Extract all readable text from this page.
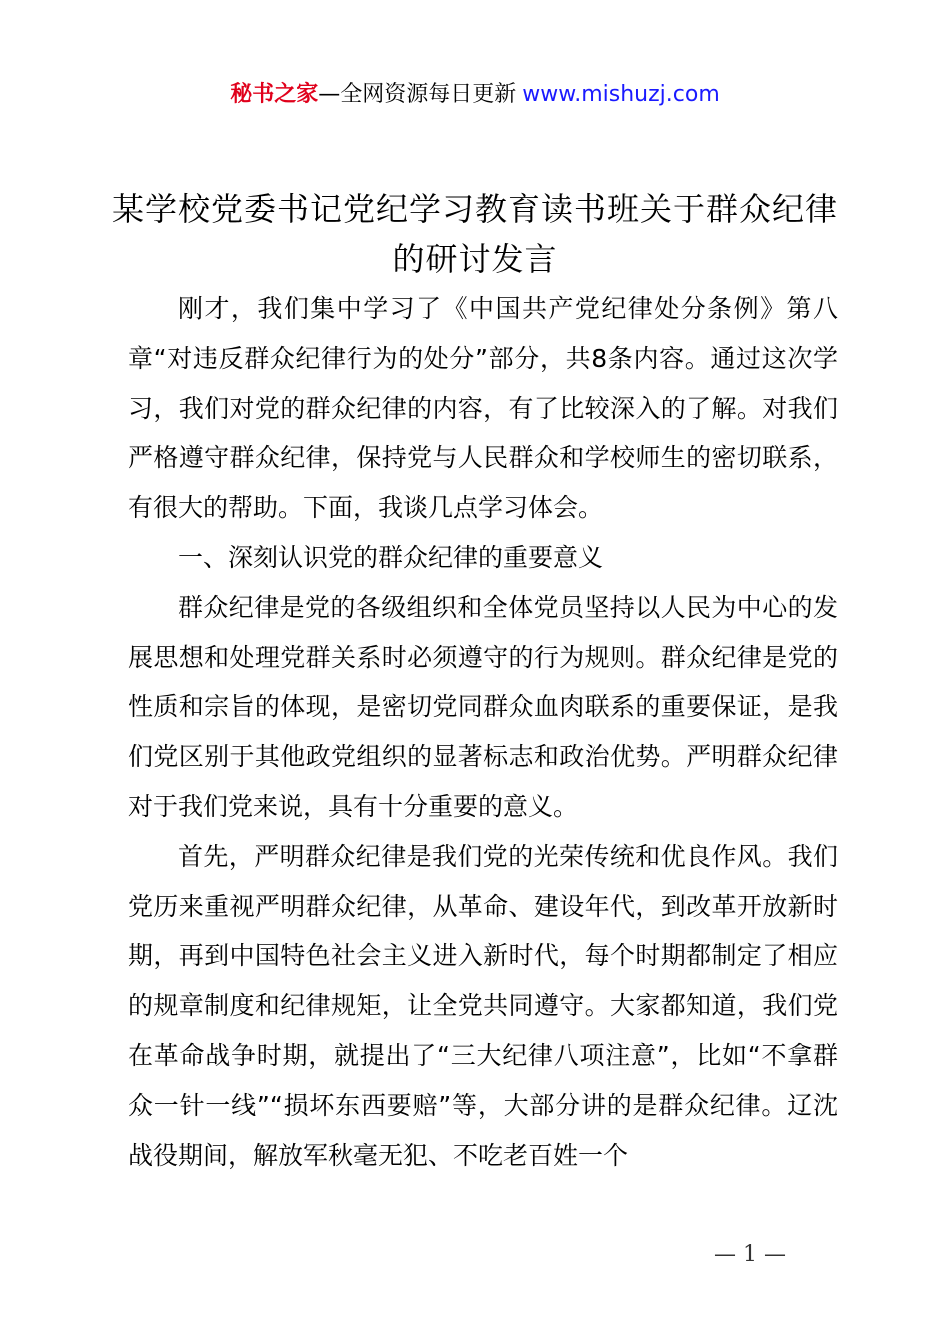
秘书之家—全网资源每日更新 www.mishuzj.com
某学校党委书记党纪学习教育读书班关于群众纪律的研讨发言

刚才，我们集中学习了《中国共产党纪律处分条例》第八章“对违反群众纪律行为的处分”部分，共8条内容。通过这次学习，我们对党的群众纪律的内容，有了比较深入的了解。对我们严格遵守群众纪律，保持党与人民群众和学校师生的密切联系，有很大的帮助。下面，我谈几点学习体会。

一、深刻认识党的群众纪律的重要意义

群众纪律是党的各级组织和全体党员坚持以人民为中心的发展思想和处理党群关系时必须遵守的行为规则。群众纪律是党的性质和宗旨的体现，是密切党同群众血肉联系的重要保证，是我们党区别于其他政党组织的显著标志和政治优势。严明群众纪律对于我们党来说，具有十分重要的意义。

首先，严明群众纪律是我们党的光荣传统和优良作风。我们党历来重视严明群众纪律，从革命、建设年代，到改革开放新时期，再到中国特色社会主义进入新时代，每个时期都制定了相应的规章制度和纪律规矩，让全党共同遵守。大家都知道，我们党在革命战争时期，就提出了“三大纪律八项注意”，比如“不拿群众一针一线”“损坏东西要赔”等，大部分讲的是群众纪律。辽沈战役期间，解放军秋毫无犯、不吃老百姓一个

— 1 —
